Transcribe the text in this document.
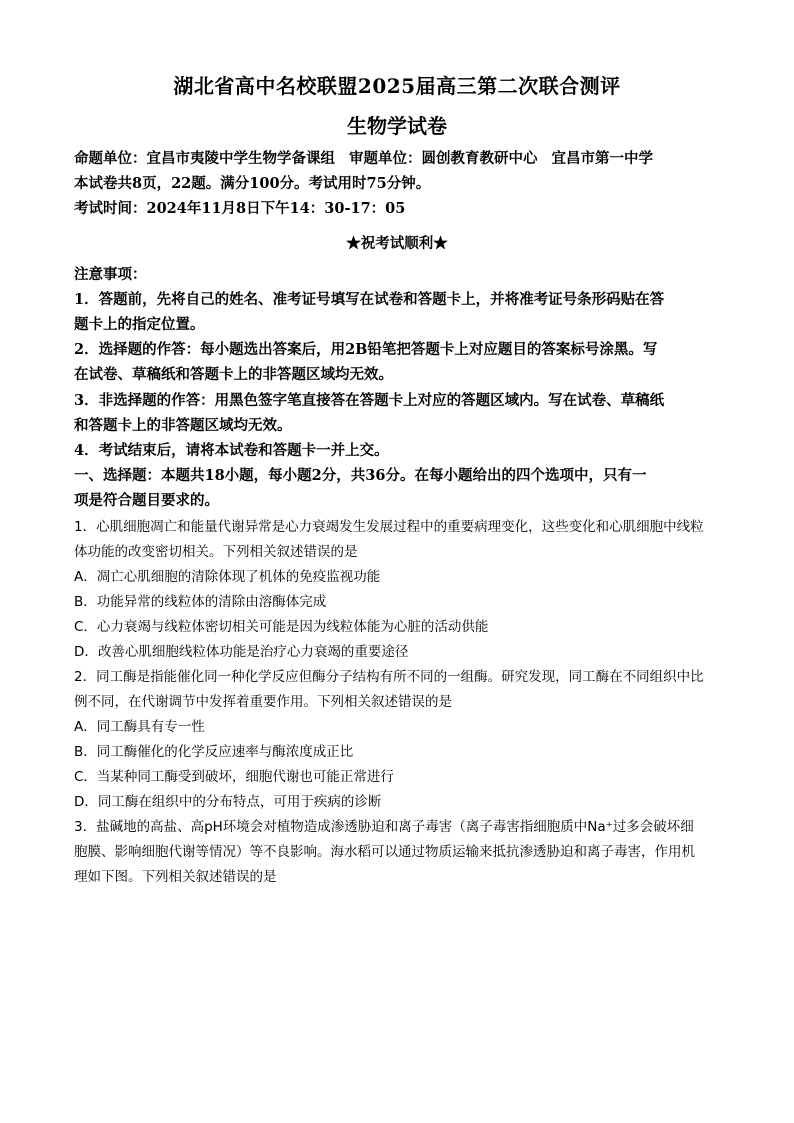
湖北省高中名校联盟2025届高三第二次联合测评
生物学试卷
命题单位：宜昌市夷陵中学生物学备课组 审题单位：圆创教育教研中心 宜昌市第一中学
本试卷共8页，22题。满分100分。考试用时75分钟。
考试时间：2024年11月8日下午14：30-17：05
★祝考试顺利★
注意事项：
1．答题前，先将自己的姓名、准考证号填写在试卷和答题卡上，并将准考证号条形码贴在答
题卡上的指定位置。
2．选择题的作答：每小题选出答案后，用2B铅笔把答题卡上对应题目的答案标号涂黑。写
在试卷、草稿纸和答题卡上的非答题区域均无效。
3．非选择题的作答：用黑色签字笔直接答在答题卡上对应的答题区域内。写在试卷、草稿纸
和答题卡上的非答题区域均无效。
4．考试结束后，请将本试卷和答题卡一并上交。
一、选择题：本题共18小题，每小题2分，共36分。在每小题给出的四个选项中，只有一
项是符合题目要求的。
1．心肌细胞凋亡和能量代谢异常是心力衰竭发生发展过程中的重要病理变化，这些变化和心肌细胞中线粒
体功能的改变密切相关。下列相关叙述错误的是
A．凋亡心肌细胞的清除体现了机体的免疫监视功能
B．功能异常的线粒体的清除由溶酶体完成
C．心力衰竭与线粒体密切相关可能是因为线粒体能为心脏的活动供能
D．改善心肌细胞线粒体功能是治疗心力衰竭的重要途径
2．同工酶是指能催化同一种化学反应但酶分子结构有所不同的一组酶。研究发现，同工酶在不同组织中比
例不同，在代谢调节中发挥着重要作用。下列相关叙述错误的是
A．同工酶具有专一性
B．同工酶催化的化学反应速率与酶浓度成正比
C．当某种同工酶受到破坏，细胞代谢也可能正常进行
D．同工酶在组织中的分布特点，可用于疾病的诊断
3．盐碱地的高盐、高pH环境会对植物造成渗透胁迫和离子毒害（离子毒害指细胞质中Na⁺过多会破坏细
胞膜、影响细胞代谢等情况）等不良影响。海水稻可以通过物质运输来抵抗渗透胁迫和离子毒害，作用机
理如下图。下列相关叙述错误的是
